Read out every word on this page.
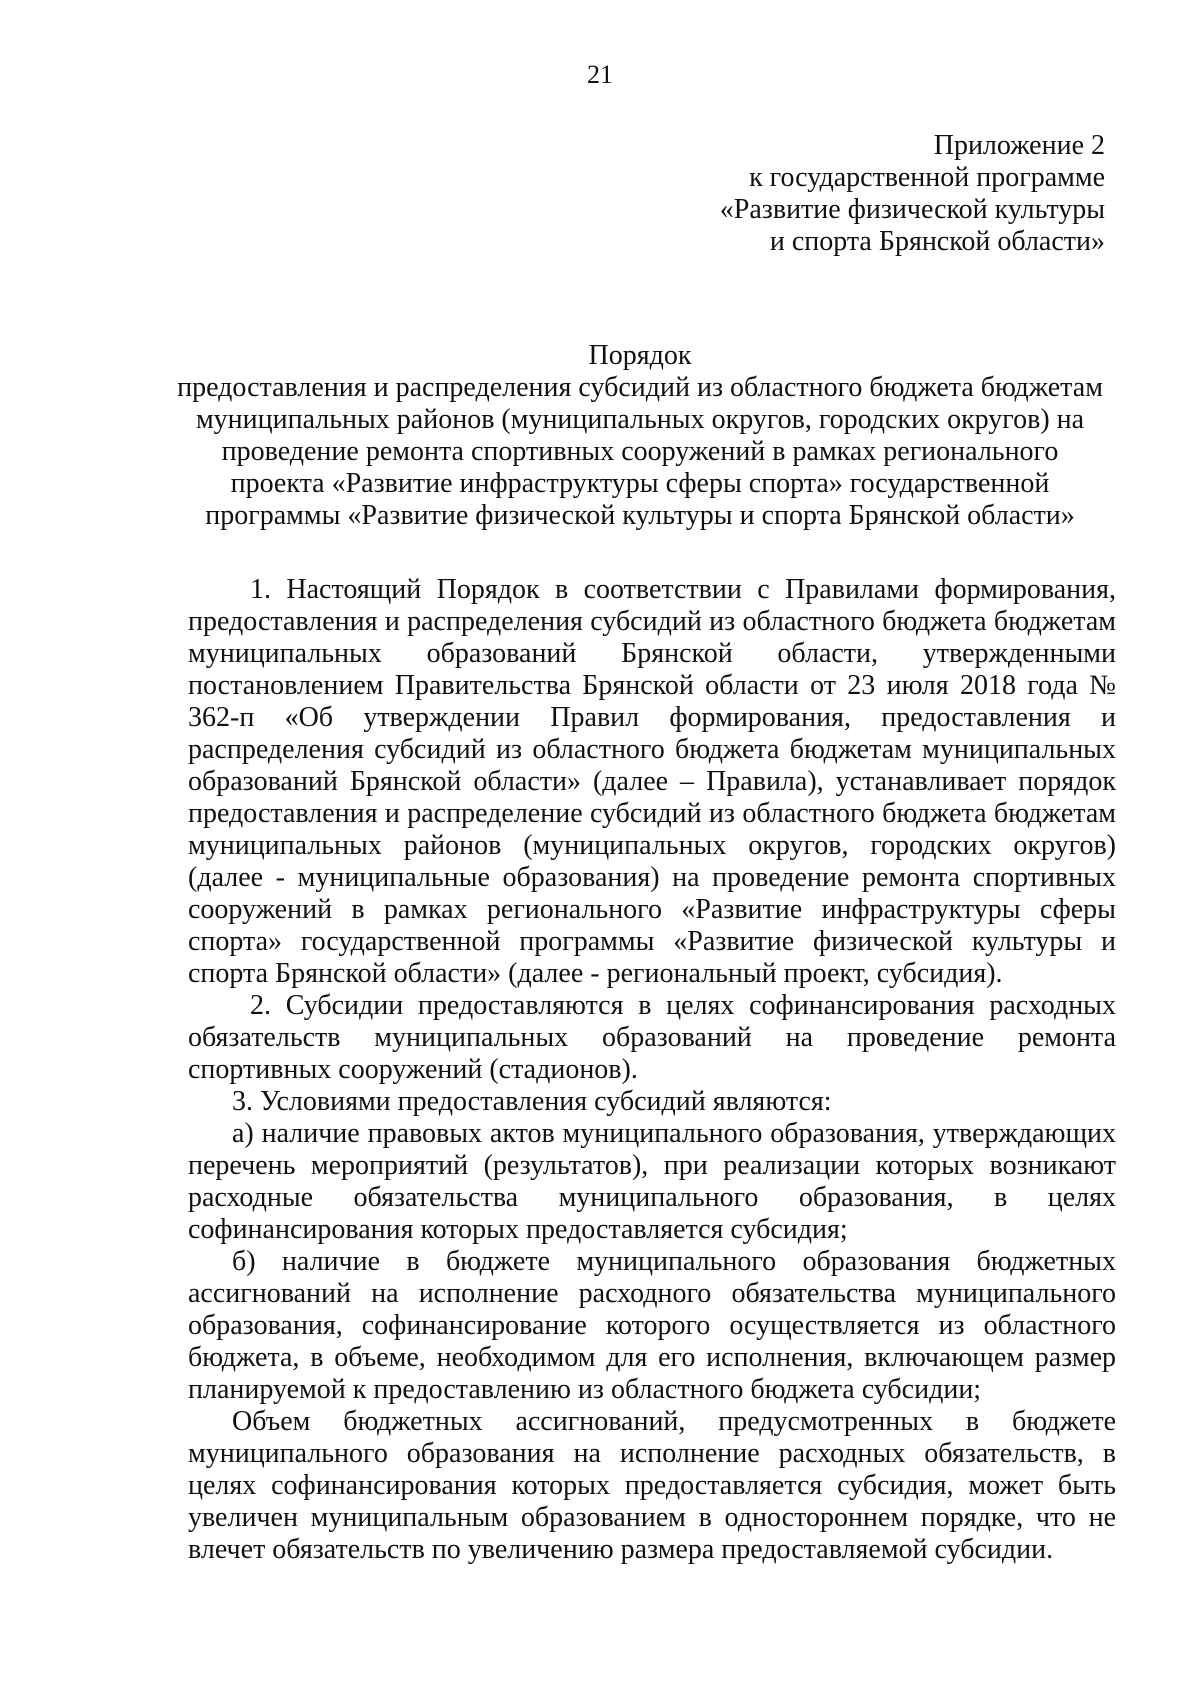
21
Приложение 2
к государственной программе
«Развитие физической культуры
и спорта Брянской области»
Порядок
предоставления и распределения субсидий из областного бюджета бюджетам
муниципальных районов (муниципальных округов, городских округов) на
проведение ремонта спортивных сооружений в рамках регионального
проекта «Развитие инфраструктуры сферы спорта» государственной
программы «Развитие физической культуры и спорта Брянской области»

1. Настоящий Порядок в соответствии с Правилами формирования, предоставления и распределения субсидий из областного бюджета бюджетам муниципальных образований Брянской области, утвержденными постановлением Правительства Брянской области от 23 июля 2018 года № 362-п «Об утверждении Правил формирования, предоставления и распределения субсидий из областного бюджета бюджетам муниципальных образований Брянской области» (далее – Правила), устанавливает порядок предоставления и распределение субсидий из областного бюджета бюджетам муниципальных районов (муниципальных округов, городских округов) (далее - муниципальные образования) на проведение ремонта спортивных сооружений в рамках регионального «Развитие инфраструктуры сферы спорта» государственной программы «Развитие физической культуры и спорта Брянской области» (далее - региональный проект, субсидия).

2. Субсидии предоставляются в целях софинансирования расходных обязательств муниципальных образований на проведение ремонта спортивных сооружений (стадионов).

3. Условиями предоставления субсидий являются:

а) наличие правовых актов муниципального образования, утверждающих перечень мероприятий (результатов), при реализации которых возникают расходные обязательства муниципального образования, в целях софинансирования которых предоставляется субсидия;

б) наличие в бюджете муниципального образования бюджетных ассигнований на исполнение расходного обязательства муниципального образования, софинансирование которого осуществляется из областного бюджета, в объеме, необходимом для его исполнения, включающем размер планируемой к предоставлению из областного бюджета субсидии;

Объем бюджетных ассигнований, предусмотренных в бюджете муниципального образования на исполнение расходных обязательств, в целях софинансирования которых предоставляется субсидия, может быть увеличен муниципальным образованием в одностороннем порядке, что не влечет обязательств по увеличению размера предоставляемой субсидии.
